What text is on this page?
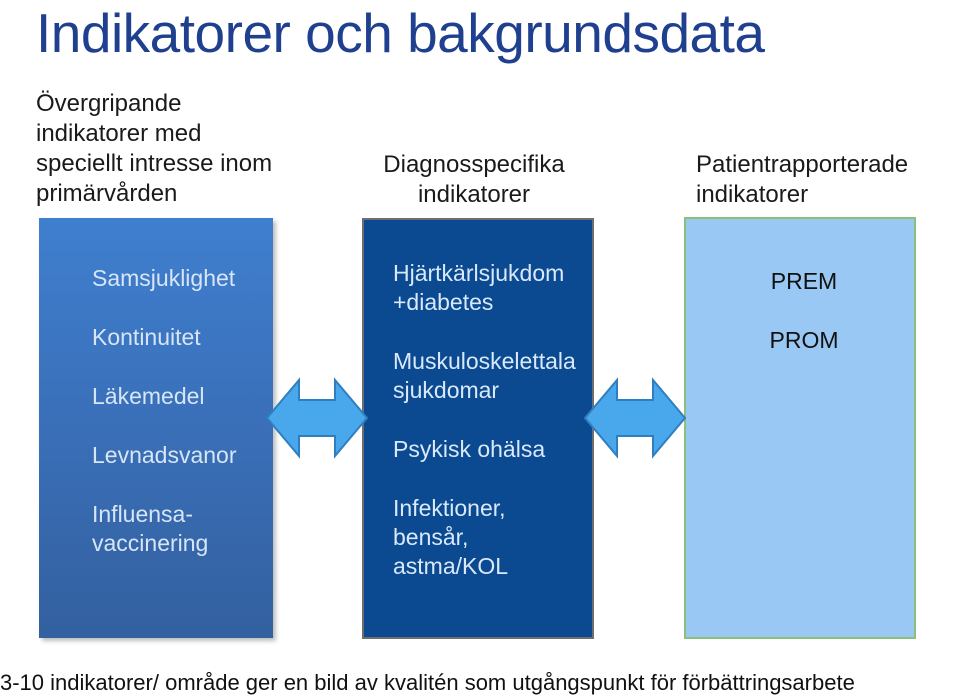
Indikatorer och bakgrundsdata
Övergripande
indikatorer med
speciellt intresse inom
primärvården
Diagnosspecifika
indikatorer
Patientrapporterade
indikatorer
Samsjuklighet
Kontinuitet
Läkemedel
Levnadsvanor
Influensa-
vaccinering
Hjärtkärlsjukdom
+diabetes
Muskuloskelettala
sjukdomar
Psykisk ohälsa
Infektioner,
bensår,
astma/KOL
PREM
PROM
3-10 indikatorer/ område ger en bild av kvalitén som utgångspunkt för förbättringsarbete
